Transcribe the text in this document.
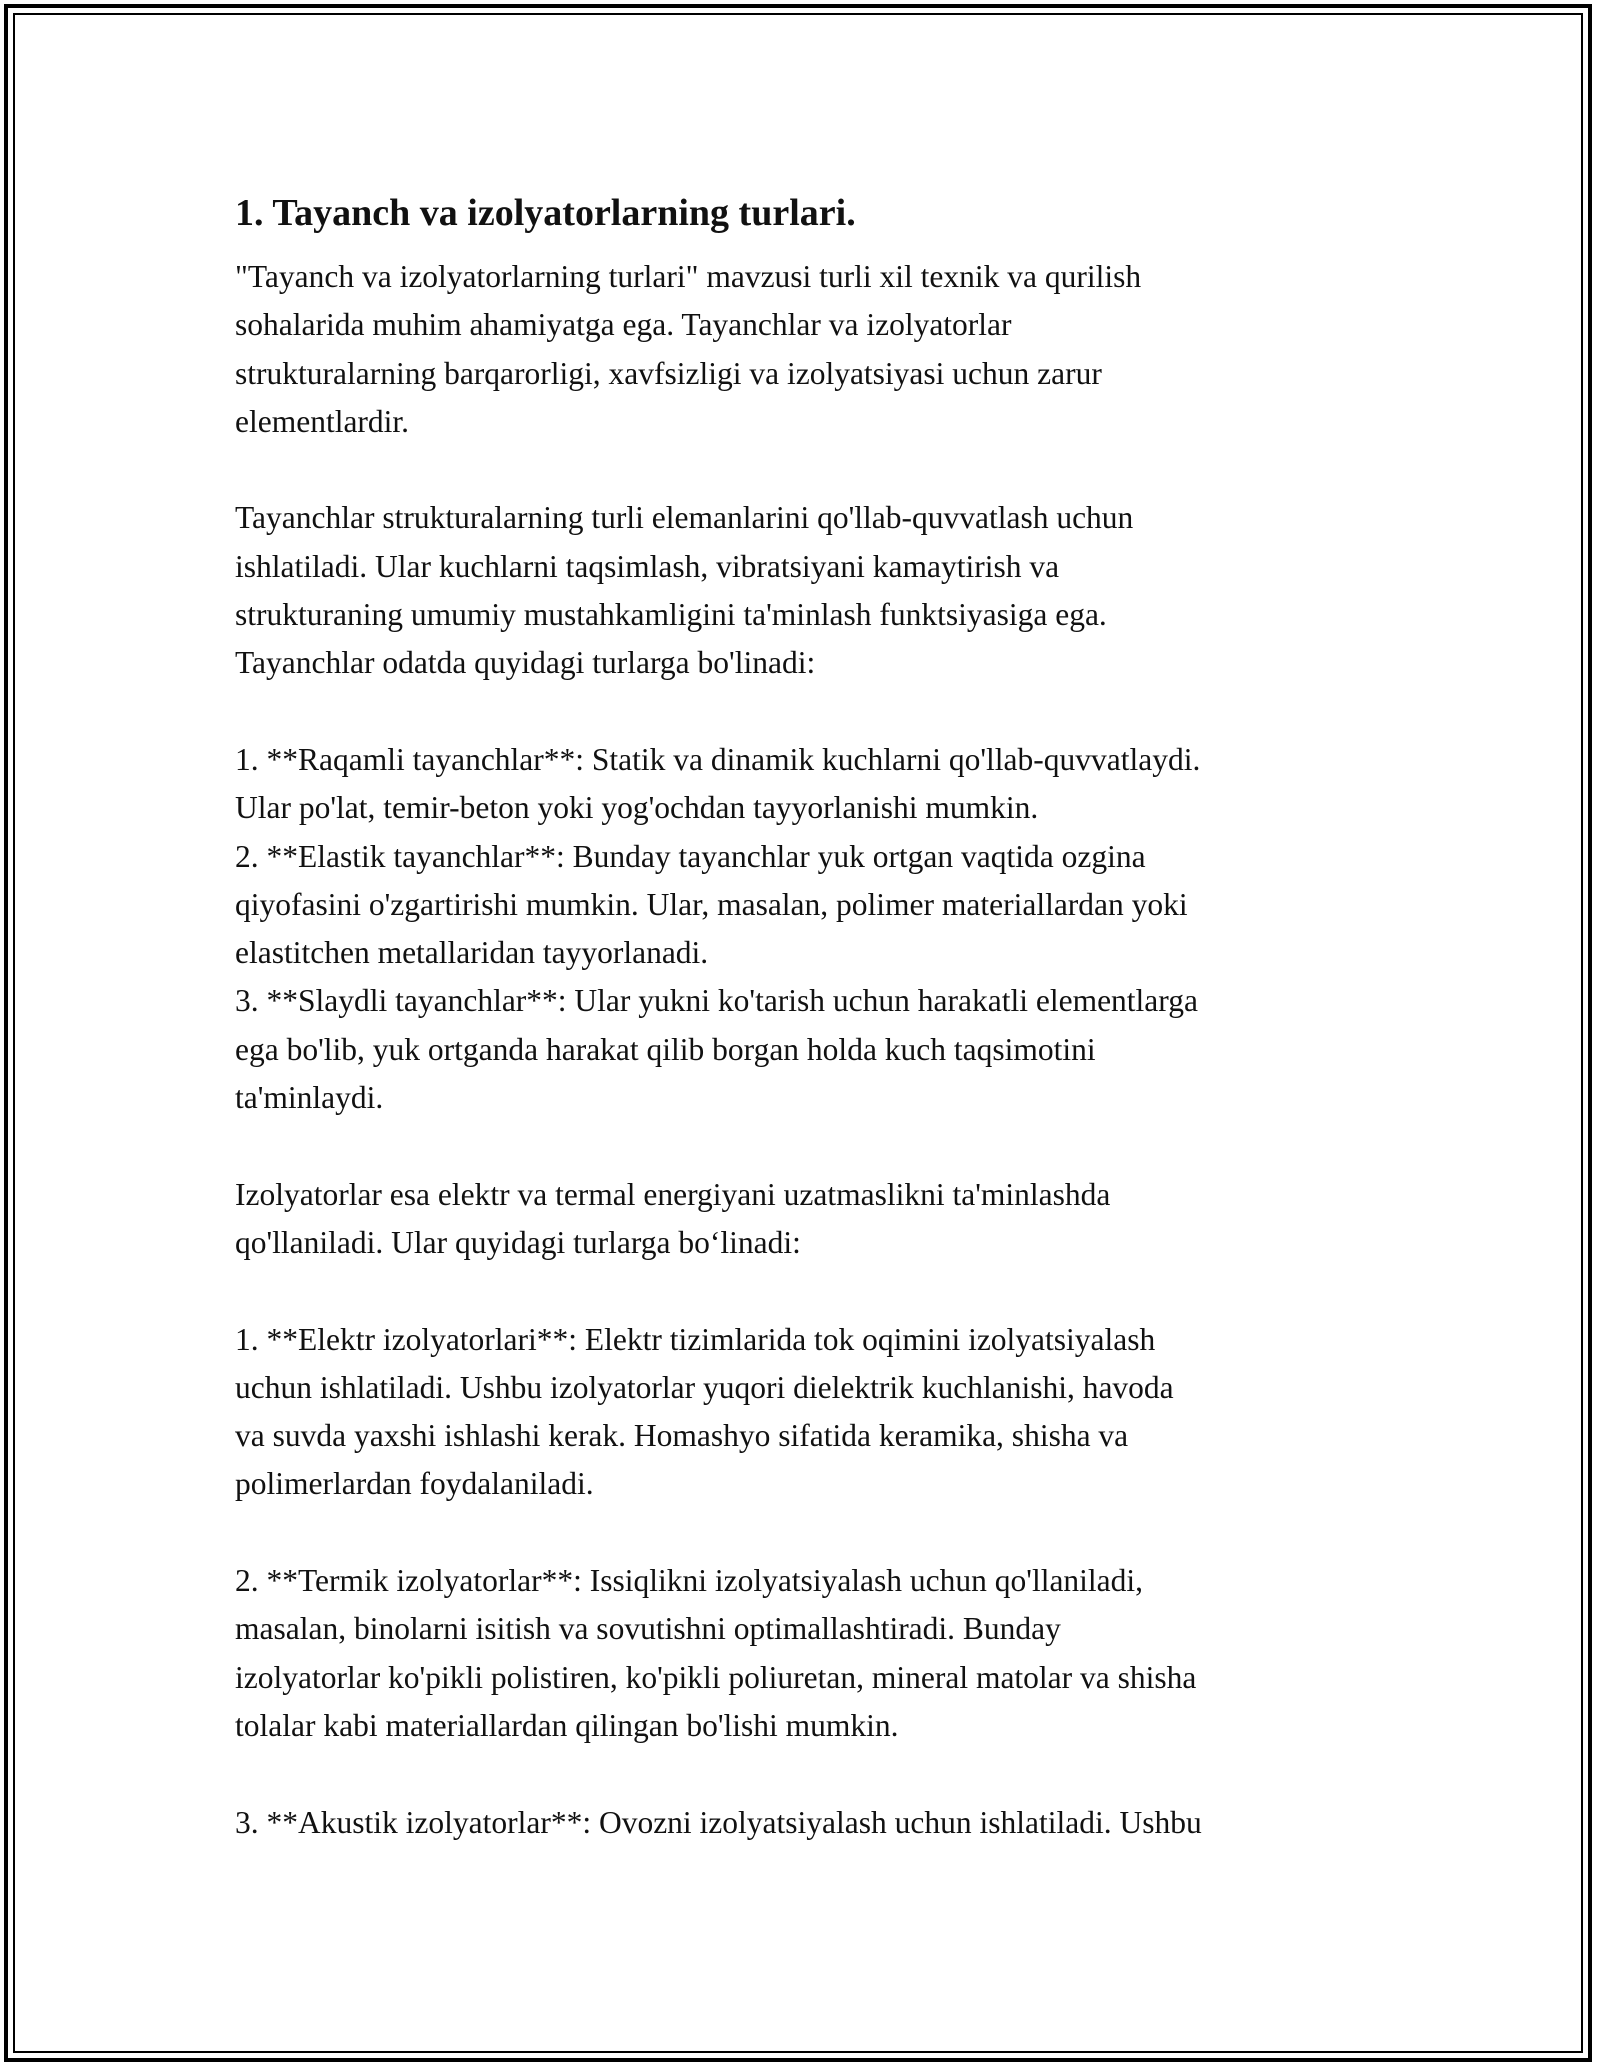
1. Tayanch va izolyatorlarning turlari.
"Tayanch va izolyatorlarning turlari" mavzusi turli xil texnik va qurilish
sohalarida muhim ahamiyatga ega. Tayanchlar va izolyatorlar
strukturalarning barqarorligi, xavfsizligi va izolyatsiyasi uchun zarur
elementlardir.
Tayanchlar strukturalarning turli elemanlarini qo'llab-quvvatlash uchun
ishlatiladi. Ular kuchlarni taqsimlash, vibratsiyani kamaytirish va
strukturaning umumiy mustahkamligini ta'minlash funktsiyasiga ega.
Tayanchlar odatda quyidagi turlarga bo'linadi:
1. **Raqamli tayanchlar**: Statik va dinamik kuchlarni qo'llab-quvvatlaydi.
Ular po'lat, temir-beton yoki yog'ochdan tayyorlanishi mumkin.
2. **Elastik tayanchlar**: Bunday tayanchlar yuk ortgan vaqtida ozgina
qiyofasini o'zgartirishi mumkin. Ular, masalan, polimer materiallardan yoki
elastitchen metallaridan tayyorlanadi.
3. **Slaydli tayanchlar**: Ular yukni ko'tarish uchun harakatli elementlarga
ega bo'lib, yuk ortganda harakat qilib borgan holda kuch taqsimotini
ta'minlaydi.
Izolyatorlar esa elektr va termal energiyani uzatmaslikni ta'minlashda
qo'llaniladi. Ular quyidagi turlarga bo‘linadi:
1. **Elektr izolyatorlari**: Elektr tizimlarida tok oqimini izolyatsiyalash
uchun ishlatiladi. Ushbu izolyatorlar yuqori dielektrik kuchlanishi, havoda
va suvda yaxshi ishlashi kerak. Homashyo sifatida keramika, shisha va
polimerlardan foydalaniladi.
2. **Termik izolyatorlar**: Issiqlikni izolyatsiyalash uchun qo'llaniladi,
masalan, binolarni isitish va sovutishni optimallashtiradi. Bunday
izolyatorlar ko'pikli polistiren, ko'pikli poliuretan, mineral matolar va shisha
tolalar kabi materiallardan qilingan bo'lishi mumkin.
3. **Akustik izolyatorlar**: Ovozni izolyatsiyalash uchun ishlatiladi. Ushbu
